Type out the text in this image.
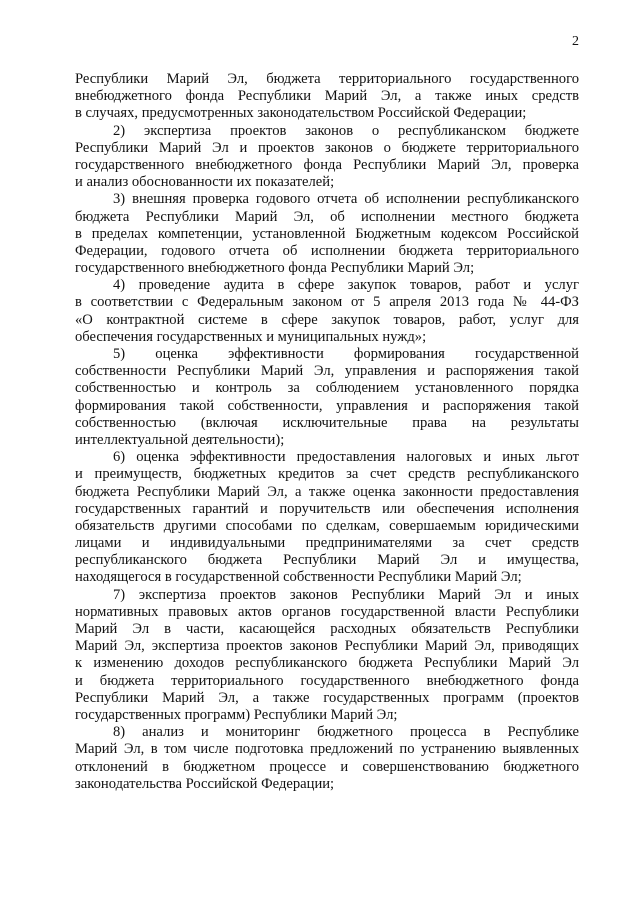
2
Республики Марий Эл, бюджета территориального государственного
внебюджетного фонда Республики Марий Эл, а также иных средств
в случаях, предусмотренных законодательством Российской Федерации;
2) экспертиза проектов законов о республиканском бюджете
Республики Марий Эл и проектов законов о бюджете территориального
государственного внебюджетного фонда Республики Марий Эл, проверка
и анализ обоснованности их показателей;
3) внешняя проверка годового отчета об исполнении республиканского
бюджета Республики Марий Эл, об исполнении местного бюджета
в пределах компетенции, установленной Бюджетным кодексом Российской
Федерации, годового отчета об исполнении бюджета территориального
государственного внебюджетного фонда Республики Марий Эл;
4) проведение аудита в сфере закупок товаров, работ и услуг
в соответствии с Федеральным законом от 5 апреля 2013 года № 44-ФЗ
«О контрактной системе в сфере закупок товаров, работ, услуг для
обеспечения государственных и муниципальных нужд»;
5) оценка эффективности формирования государственной
собственности Республики Марий Эл, управления и распоряжения такой
собственностью и контроль за соблюдением установленного порядка
формирования такой собственности, управления и распоряжения такой
собственностью (включая исключительные права на результаты
интеллектуальной деятельности);
6) оценка эффективности предоставления налоговых и иных льгот
и преимуществ, бюджетных кредитов за счет средств республиканского
бюджета Республики Марий Эл, а также оценка законности предоставления
государственных гарантий и поручительств или обеспечения исполнения
обязательств другими способами по сделкам, совершаемым юридическими
лицами и индивидуальными предпринимателями за счет средств
республиканского бюджета Республики Марий Эл и имущества,
находящегося в государственной собственности Республики Марий Эл;
7) экспертиза проектов законов Республики Марий Эл и иных
нормативных правовых актов органов государственной власти Республики
Марий Эл в части, касающейся расходных обязательств Республики
Марий Эл, экспертиза проектов законов Республики Марий Эл, приводящих
к изменению доходов республиканского бюджета Республики Марий Эл
и бюджета территориального государственного внебюджетного фонда
Республики Марий Эл, а также государственных программ (проектов
государственных программ) Республики Марий Эл;
8) анализ и мониторинг бюджетного процесса в Республике
Марий Эл, в том числе подготовка предложений по устранению выявленных
отклонений в бюджетном процессе и совершенствованию бюджетного
законодательства Российской Федерации;
